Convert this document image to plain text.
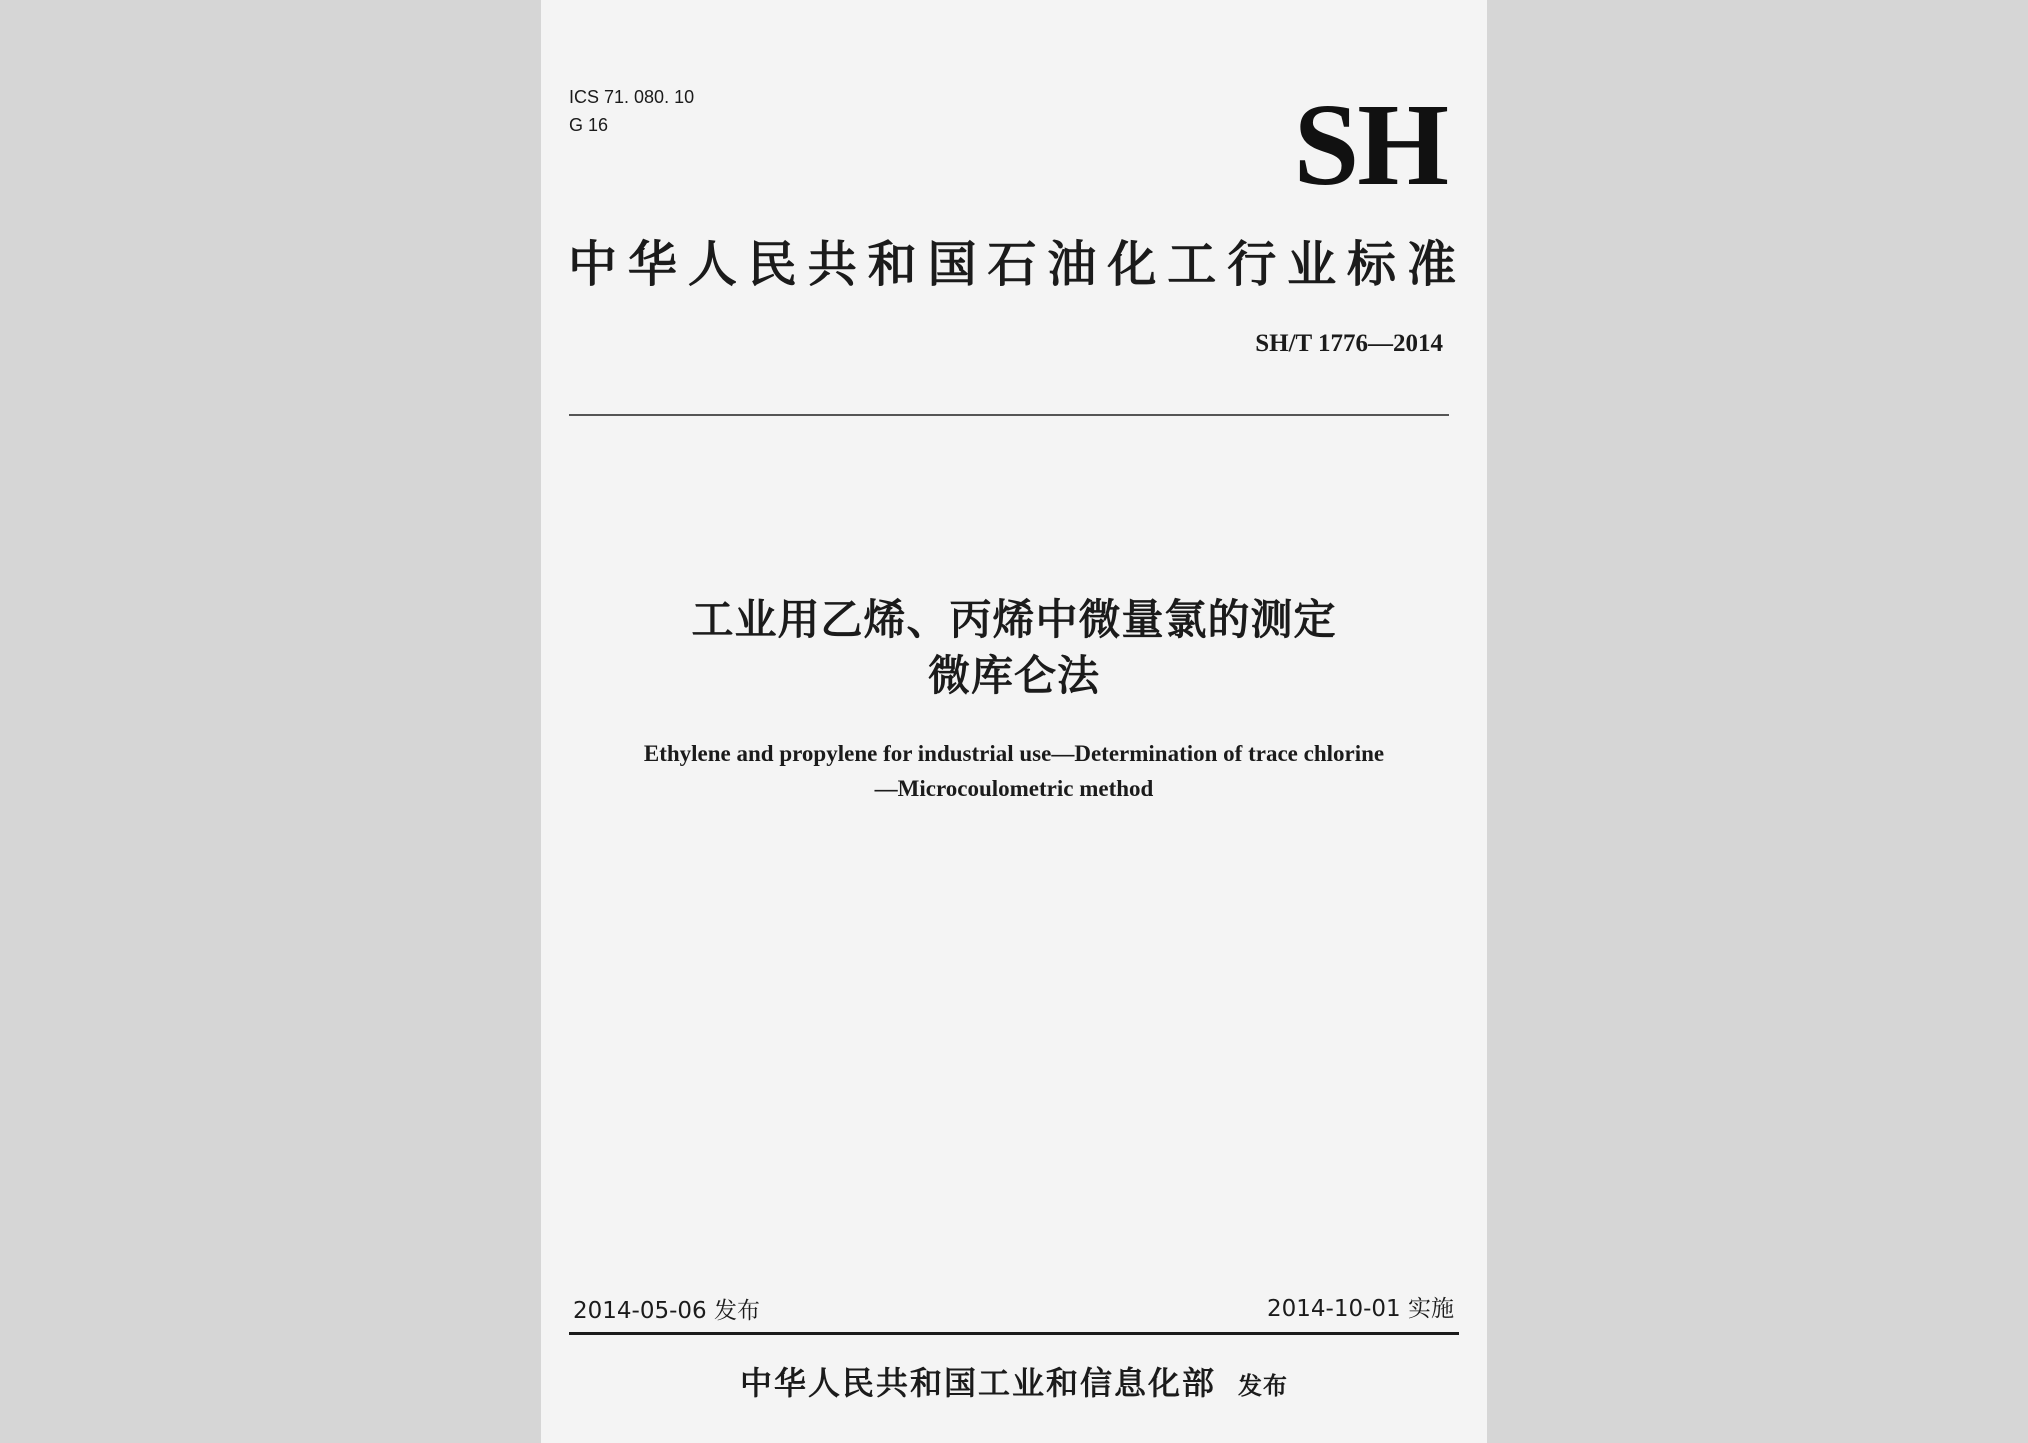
ICS 71. 080. 10
G 16	SH
中华人民共和国石油化工行业标准
SH/T 1776—2014
工业用乙烯、丙烯中微量氯的测定
微库仑法
Ethylene and propylene for industrial use—Determination of trace chlorine
—Microcoulometric method
2014-05-06 发布	2014-10-01 实施
中华人民共和国工业和信息化部 发布
